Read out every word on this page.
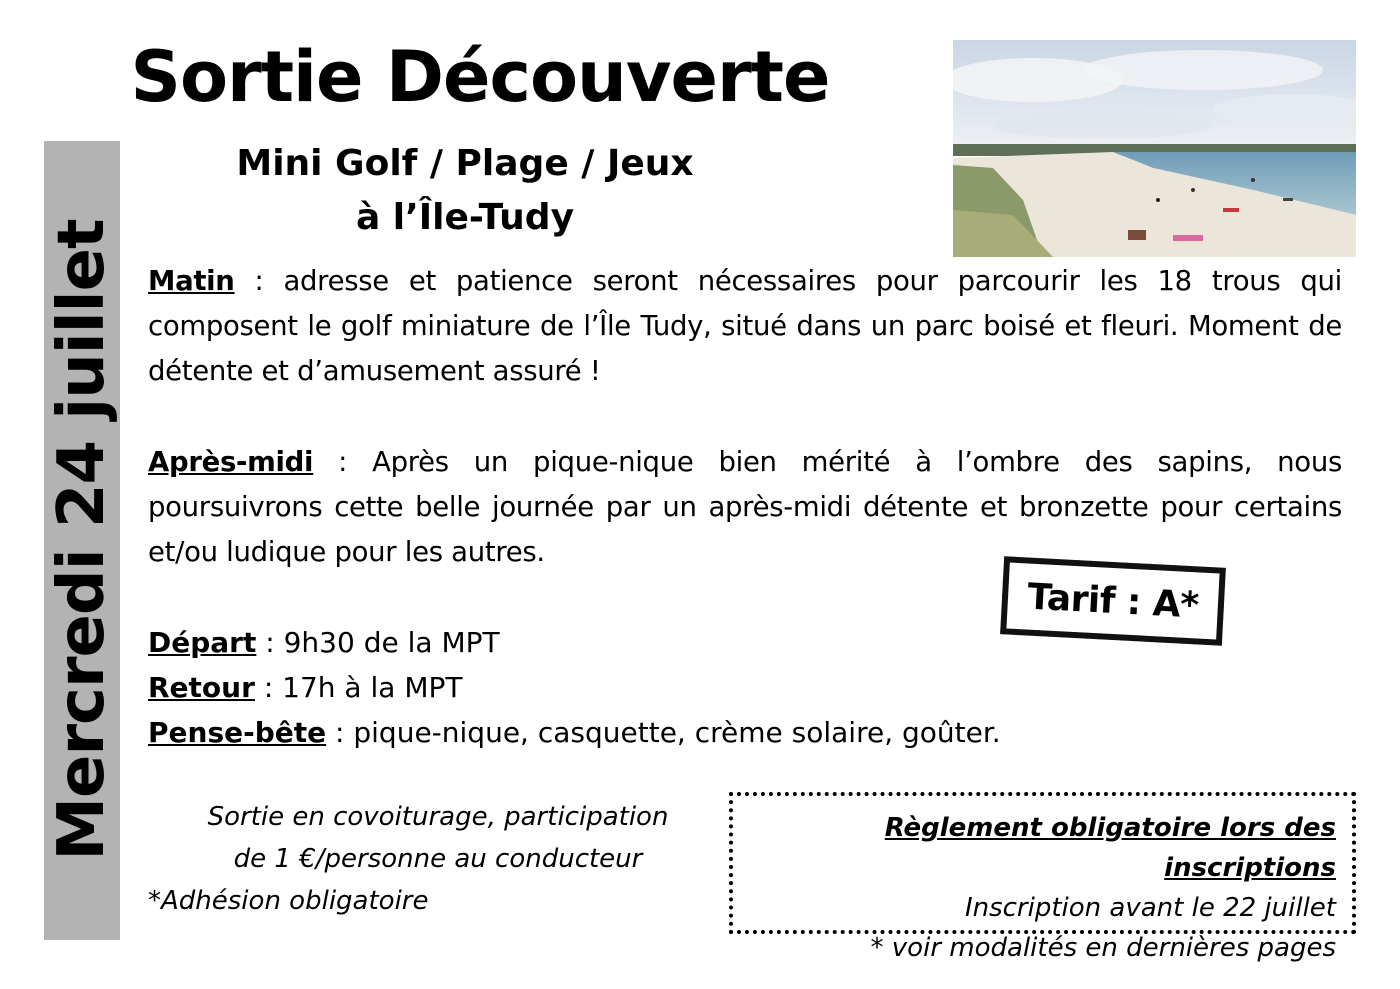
Mercredi 24 juillet
Sortie Découverte
Mini Golf / Plage / Jeux
à l’Île-Tudy

Matin : adresse et patience seront nécessaires pour parcourir les 18 trous qui composent le golf miniature de l’Île Tudy, situé dans un parc boisé et fleuri. Moment de détente et d’amusement assuré !

Après-midi : Après un pique-nique bien mérité à l’ombre des sapins, nous poursuivrons cette belle journée par un après-midi détente et bronzette pour certains et/ou ludique pour les autres.

Départ : 9h30 de la MPT
Retour : 17h à la MPT
Pense-bête : pique-nique, casquette, crème solaire, goûter.
Tarif : A*
Sortie en covoiturage, participation
de 1 €/personne au conducteur
*Adhésion obligatoire
Règlement obligatoire lors des inscriptions
Inscription avant le 22 juillet
* voir modalités en dernières pages
